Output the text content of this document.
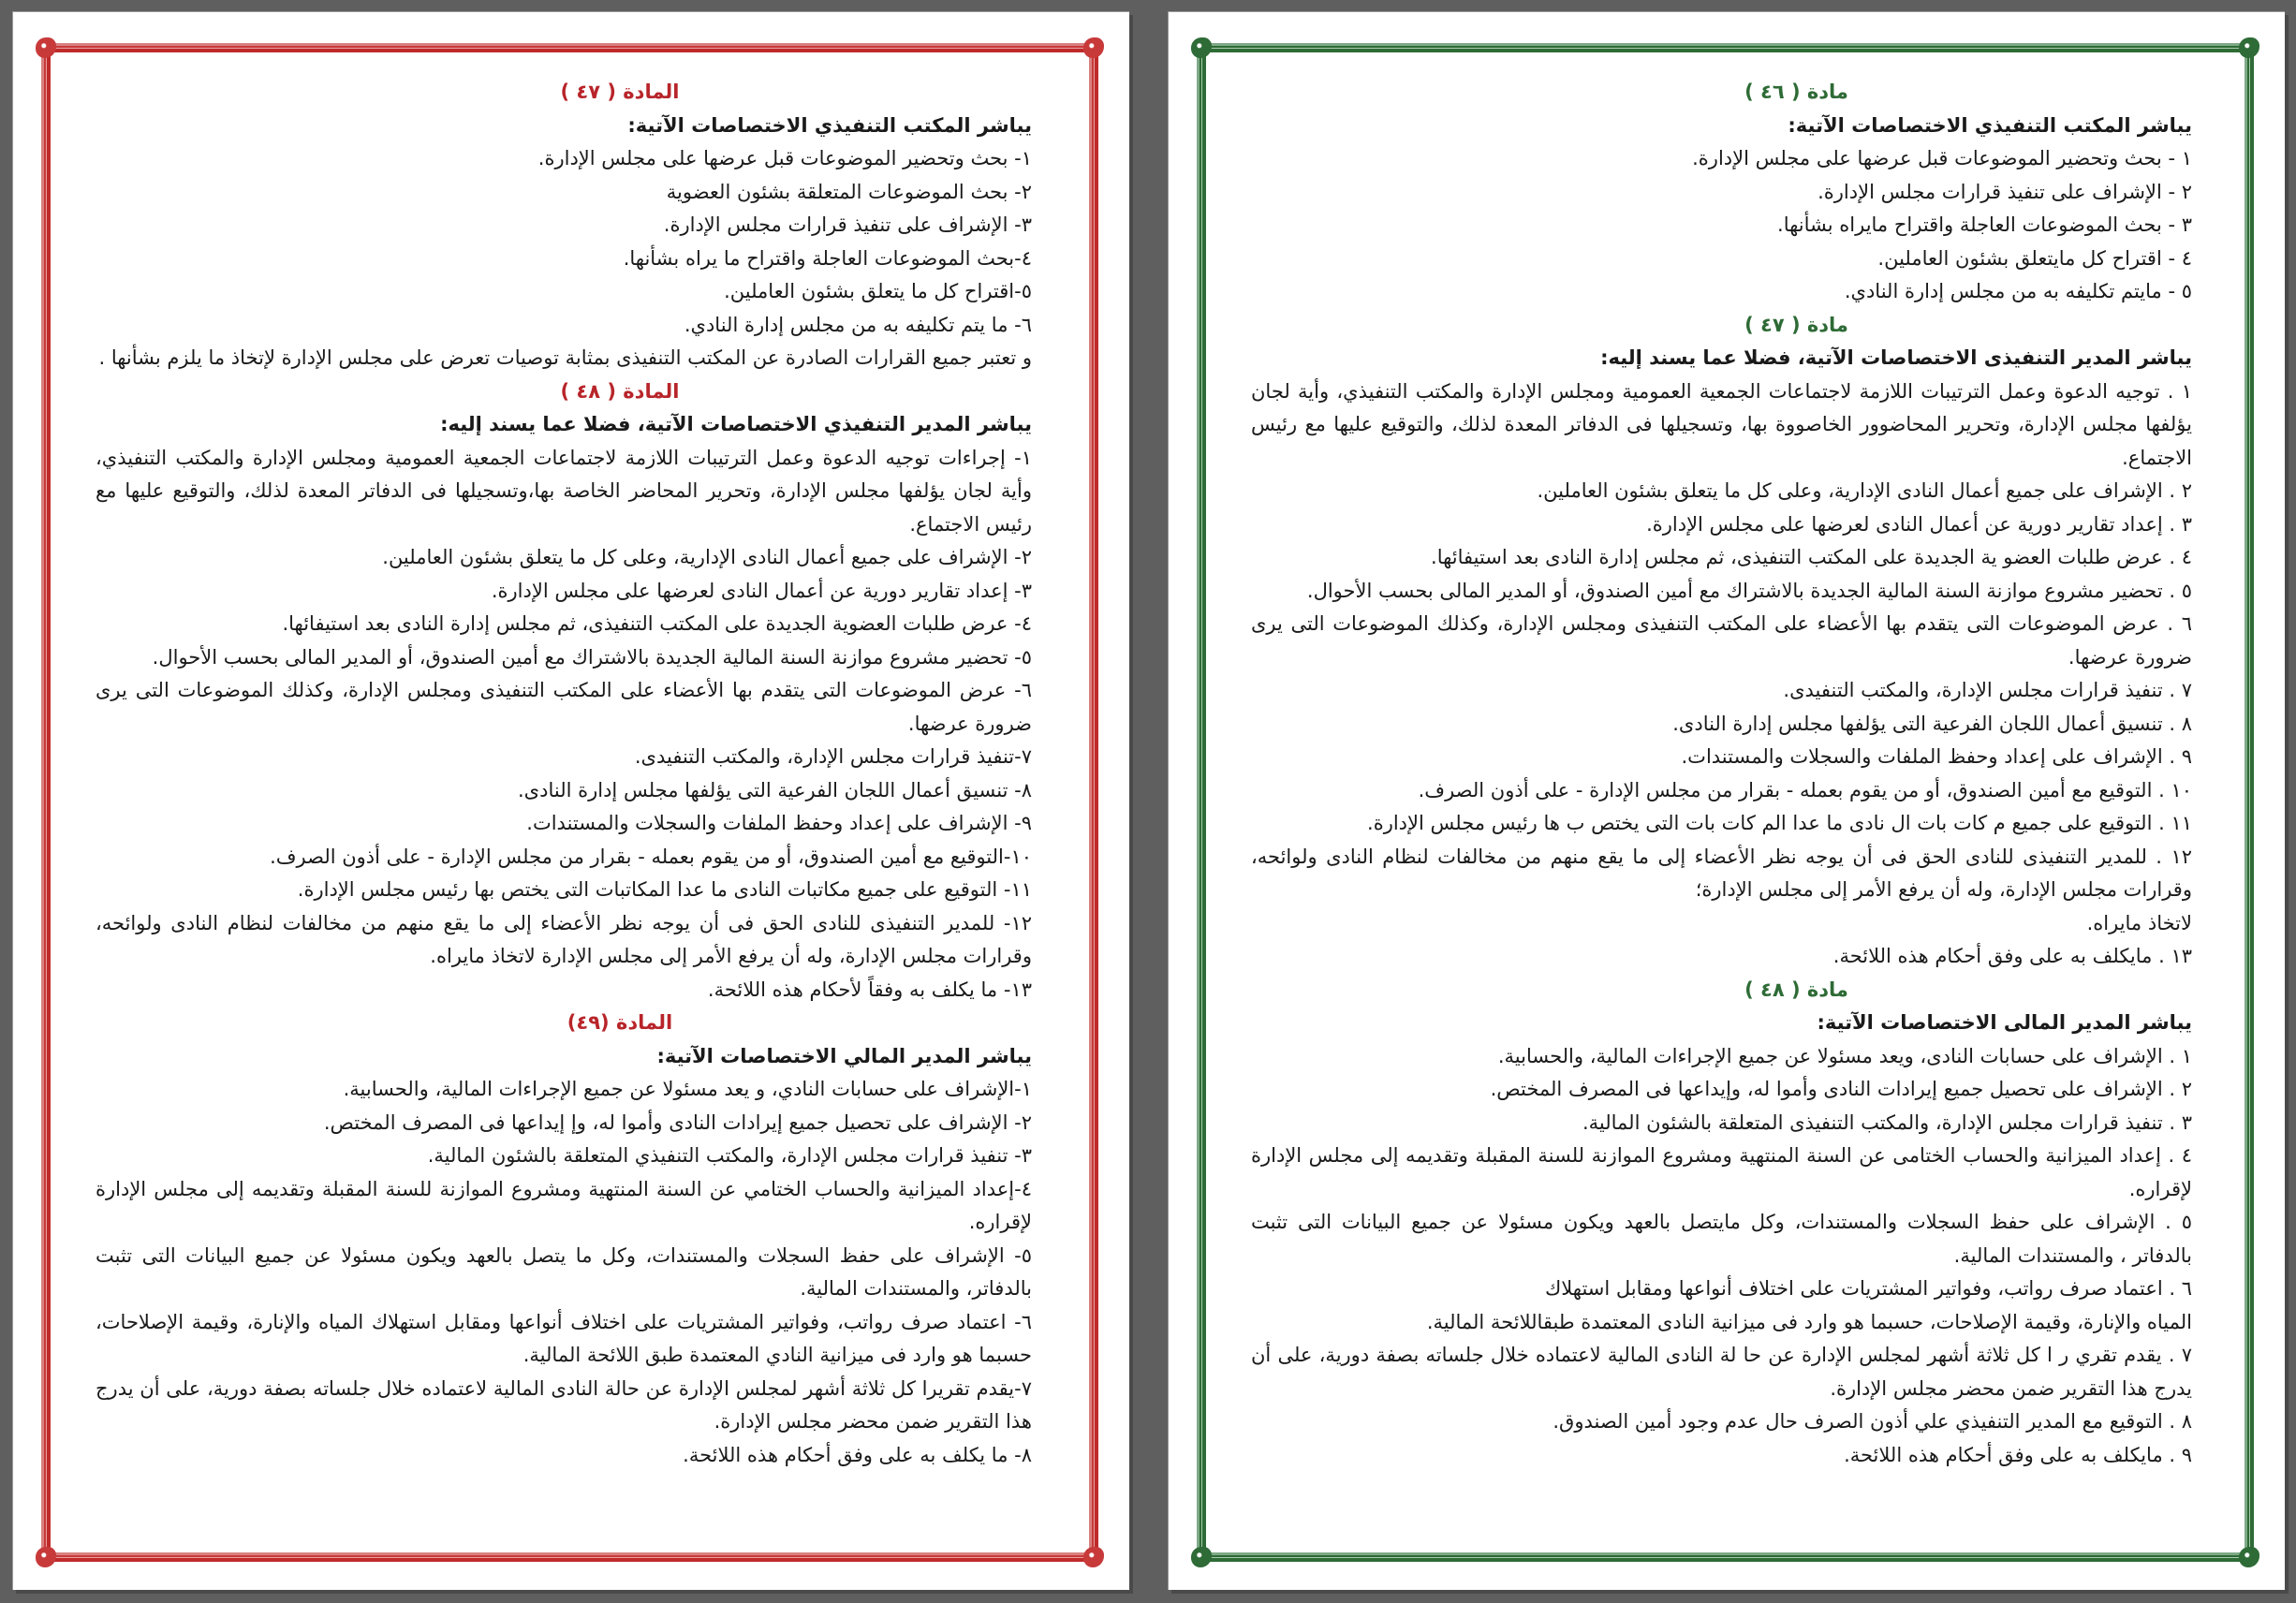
المادة ( ٤٧ )

يباشر المكتب التنفيذي الاختصاصات الآتية:

١- بحث وتحضير الموضوعات قبل عرضها على مجلس الإدارة.

٢- بحث الموضوعات المتعلقة بشئون العضوية

٣- الإشراف على تنفيذ قرارات مجلس الإدارة.

٤-بحث الموضوعات العاجلة واقتراح ما يراه بشأنها.

٥-اقتراح كل ما يتعلق بشئون العاملين.

٦- ما يتم تكليفه به من مجلس إدارة النادي.

و تعتبر جميع القرارات الصادرة عن المكتب التنفيذى بمثابة توصيات تعرض على مجلس الإدارة لإتخاذ ما يلزم بشأنها .

المادة ( ٤٨ )

يباشر المدير التنفيذي الاختصاصات الآتية، فضلا عما يسند إليه:

١- إجراءات توجيه الدعوة وعمل الترتيبات اللازمة لاجتماعات الجمعية العمومية ومجلس الإدارة والمكتب التنفيذي، وأية لجان يؤلفها مجلس الإدارة، وتحرير المحاضر الخاصة بها،وتسجيلها فى الدفاتر المعدة لذلك، والتوقيع عليها مع رئيس الاجتماع.

٢- الإشراف على جميع أعمال النادى الإدارية، وعلى كل ما يتعلق بشئون العاملين.

٣- إعداد تقارير دورية عن أعمال النادى لعرضها على مجلس الإدارة.

٤- عرض طلبات العضوية الجديدة على المكتب التنفيذى، ثم مجلس إدارة النادى بعد استيفائها.

٥- تحضير مشروع موازنة السنة المالية الجديدة بالاشتراك مع أمين الصندوق، أو المدير المالى بحسب الأحوال.

٦- عرض الموضوعات التى يتقدم بها الأعضاء على المكتب التنفيذى ومجلس الإدارة، وكذلك الموضوعات التى يرى ضرورة عرضها.

٧-تنفيذ قرارات مجلس الإدارة، والمكتب التنفيدى.

٨- تنسيق أعمال اللجان الفرعية التى يؤلفها مجلس إدارة النادى.

٩- الإشراف على إعداد وحفظ الملفات والسجلات والمستندات.

١٠-التوقيع مع أمين الصندوق، أو من يقوم بعمله - بقرار من مجلس الإدارة - على أذون الصرف.

١١- التوقيع على جميع مكاتبات النادى ما عدا المكاتبات التى يختص بها رئيس مجلس الإدارة.

١٢- للمدير التنفيذى للنادى الحق فى أن يوجه نظر الأعضاء إلى ما يقع منهم من مخالفات لنظام النادى ولوائحه، وقرارات مجلس الإدارة، وله أن يرفع الأمر إلى مجلس الإدارة لاتخاذ مايراه.

١٣- ما يكلف به وفقاً لأحكام هذه اللائحة.

المادة (٤٩)

يباشر المدير المالي الاختصاصات الآتية:

١-الإشراف على حسابات النادي، و يعد مسئولا عن جميع الإجراءات المالية، والحسابية.

٢- الإشراف على تحصيل جميع إيرادات النادى وأموا له، وإ إيداعها فى المصرف المختص.

٣- تنفيذ قرارات مجلس الإدارة، والمكتب التنفيذي المتعلقة بالشئون المالية.

٤-إعداد الميزانية والحساب الختامي عن السنة المنتهية ومشروع الموازنة للسنة المقبلة وتقديمه إلى مجلس الإدارة لإقراره.

٥- الإشراف على حفظ السجلات والمستندات، وكل ما يتصل بالعهد ويكون مسئولا عن جميع البيانات التى تثبت بالدفاتر، والمستندات المالية.

٦- اعتماد صرف رواتب، وفواتير المشتريات على اختلاف أنواعها ومقابل استهلاك المياه والإنارة، وقيمة الإصلاحات، حسبما هو وارد فى ميزانية النادي المعتمدة طبق اللائحة المالية.

٧-يقدم تقريرا كل ثلاثة أشهر لمجلس الإدارة عن حالة النادى المالية لاعتماده خلال جلساته بصفة دورية، على أن يدرج هذا التقرير ضمن محضر مجلس الإدارة.

٨- ما يكلف به على وفق أحكام هذه اللائحة.

مادة ( ٤٦ )

يباشر المكتب التنفيذي الاختصاصات الآتية:

١ - بحث وتحضير الموضوعات قبل عرضها على مجلس الإدارة.

٢ - الإشراف على تنفيذ قرارات مجلس الإدارة.

٣ - بحث الموضوعات العاجلة واقتراح مايراه بشأنها.

٤ - اقتراح كل مايتعلق بشئون العاملين.

٥ - مايتم تكليفه به من مجلس إدارة النادي.

مادة ( ٤٧ )

يباشر المدير التنفيذى الاختصاصات الآتية، فضلا عما يسند إليه:

١ . توجيه الدعوة وعمل الترتيبات اللازمة لاجتماعات الجمعية العمومية ومجلس الإدارة والمكتب التنفيذي، وأية لجان يؤلفها مجلس الإدارة، وتحرير المحاضوور الخاصووة بها، وتسجيلها فى الدفاتر المعدة لذلك، والتوقيع عليها مع رئيس الاجتماع.

٢ . الإشراف على جميع أعمال النادى الإدارية، وعلى كل ما يتعلق بشئون العاملين.

٣ . إعداد تقارير دورية عن أعمال النادى لعرضها على مجلس الإدارة.

٤ . عرض طلبات العضو ية الجديدة على المكتب التنفيذى، ثم مجلس إدارة النادى بعد استيفائها.

٥ . تحضير مشروع موازنة السنة المالية الجديدة بالاشتراك مع أمين الصندوق، أو المدير المالى بحسب الأحوال.

٦ . عرض الموضوعات التى يتقدم بها الأعضاء على المكتب التنفيذى ومجلس الإدارة، وكذلك الموضوعات التى يرى ضرورة عرضها.

٧ . تنفيذ قرارات مجلس الإدارة، والمكتب التنفيدى.

٨ . تنسيق أعمال اللجان الفرعية التى يؤلفها مجلس إدارة النادى.

٩ . الإشراف على إعداد وحفظ الملفات والسجلات والمستندات.

١٠ . التوقيع مع أمين الصندوق، أو من يقوم بعمله - بقرار من مجلس الإدارة - على أذون الصرف.

١١ . التوقيع على جميع م كات بات ال نادى ما عدا الم كات بات التى يختص ب ها رئيس مجلس الإدارة.

١٢ . للمدير التنفيذى للنادى الحق فى أن يوجه نظر الأعضاء إلى ما يقع منهم من مخالفات لنظام النادى ولوائحه، وقرارات مجلس الإدارة، وله أن يرفع الأمر إلى مجلس الإدارة؛

لاتخاذ مايراه.

١٣ . مايكلف به على وفق أحكام هذه اللائحة.

مادة ( ٤٨ )

يباشر المدير المالى الاختصاصات الآتية:

١ . الإشراف على حسابات النادى، ويعد مسئولا عن جميع الإجراءات المالية، والحسابية.

٢ . الإشراف على تحصيل جميع إيرادات النادى وأموا له، وإيداعها فى المصرف المختص.

٣ . تنفيذ قرارات مجلس الإدارة، والمكتب التنفيذى المتعلقة بالشئون المالية.

٤ . إعداد الميزانية والحساب الختامى عن السنة المنتهية ومشروع الموازنة للسنة المقبلة وتقديمه إلى مجلس الإدارة لإقراره.

٥ . الإشراف على حفظ السجلات والمستندات، وكل مايتصل بالعهد ويكون مسئولا عن جميع البيانات التى تثبت بالدفاتر ، والمستندات المالية.

٦ . اعتماد صرف رواتب، وفواتير المشتريات على اختلاف أنواعها ومقابل استهلاك

المياه والإنارة، وقيمة الإصلاحات، حسبما هو وارد فى ميزانية النادى المعتمدة طبقاللائحة المالية.

٧ . يقدم تقري ر ا كل ثلاثة أشهر لمجلس الإدارة عن حا لة النادى المالية لاعتماده خلال جلساته بصفة دورية، على أن يدرج هذا التقرير ضمن محضر مجلس الإدارة.

٨ . التوقيع مع المدير التنفيذي علي أذون الصرف حال عدم وجود أمين الصندوق.

٩ . مايكلف به على وفق أحكام هذه اللائحة.
